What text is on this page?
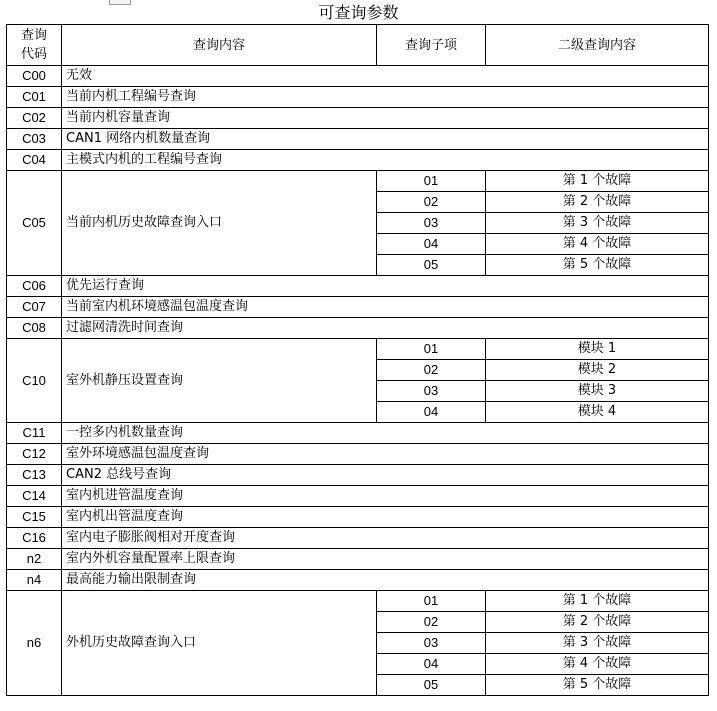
可查询参数
查询
代码	查询内容	查询子项	二级查询内容
C00	无效		
C01	当前内机工程编号查询		
C02	当前内机容量查询		
C03	CAN1 网络内机数量查询		
C04	主模式内机的工程编号查询		
C05	当前内机历史故障查询入口	01	第 1 个故障
		02	第 2 个故障
		03	第 3 个故障
		04	第 4 个故障
		05	第 5 个故障
C06	优先运行查询		
C07	当前室内机环境感温包温度查询		
C08	过滤网清洗时间查询		
C10	室外机静压设置查询	01	模块 1
		02	模块 2
		03	模块 3
		04	模块 4
C11	一控多内机数量查询		
C12	室外环境感温包温度查询		
C13	CAN2 总线号查询		
C14	室内机进管温度查询		
C15	室内机出管温度查询		
C16	室内电子膨胀阀相对开度查询		
n2	室内外机容量配置率上限查询		
n4	最高能力输出限制查询		
n6	外机历史故障查询入口	01	第 1 个故障
		02	第 2 个故障
		03	第 3 个故障
		04	第 4 个故障
		05	第 5 个故障
